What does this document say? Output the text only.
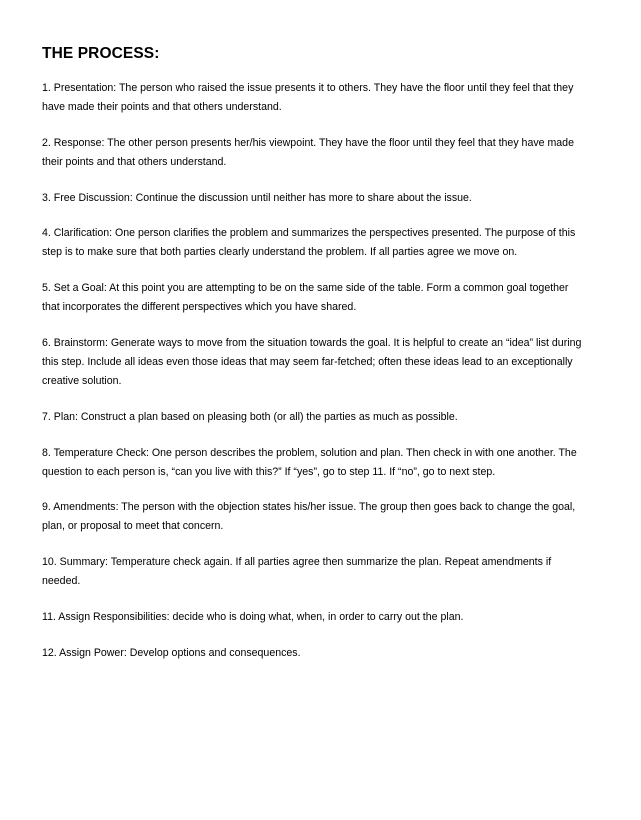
THE PROCESS:
1. Presentation: The person who raised the issue presents it to others. They have the floor until they feel that they have made their points and that others understand.
2. Response: The other person presents her/his viewpoint. They have the floor until they feel that they have made their points and that others understand.
3. Free Discussion: Continue the discussion until neither has more to share about the issue.
4. Clarification: One person clarifies the problem and summarizes the perspectives presented. The purpose of this step is to make sure that both parties clearly understand the problem. If all parties agree we move on.
5. Set a Goal: At this point you are attempting to be on the same side of the table. Form a common goal together that incorporates the different perspectives which you have shared.
6. Brainstorm: Generate ways to move from the situation towards the goal. It is helpful to create an “idea” list during this step. Include all ideas even those ideas that may seem far-fetched; often these ideas lead to an exceptionally creative solution.
7. Plan: Construct a plan based on pleasing both (or all) the parties as much as possible.
8. Temperature Check: One person describes the problem, solution and plan. Then check in with one another. The question to each person is, “can you live with this?” If “yes”, go to step 11. If “no”, go to next step.
9. Amendments: The person with the objection states his/her issue. The group then goes back to change the goal, plan, or proposal to meet that concern.
10. Summary: Temperature check again. If all parties agree then summarize the plan. Repeat amendments if needed.
11. Assign Responsibilities: decide who is doing what, when, in order to carry out the plan.
12. Assign Power: Develop options and consequences.
